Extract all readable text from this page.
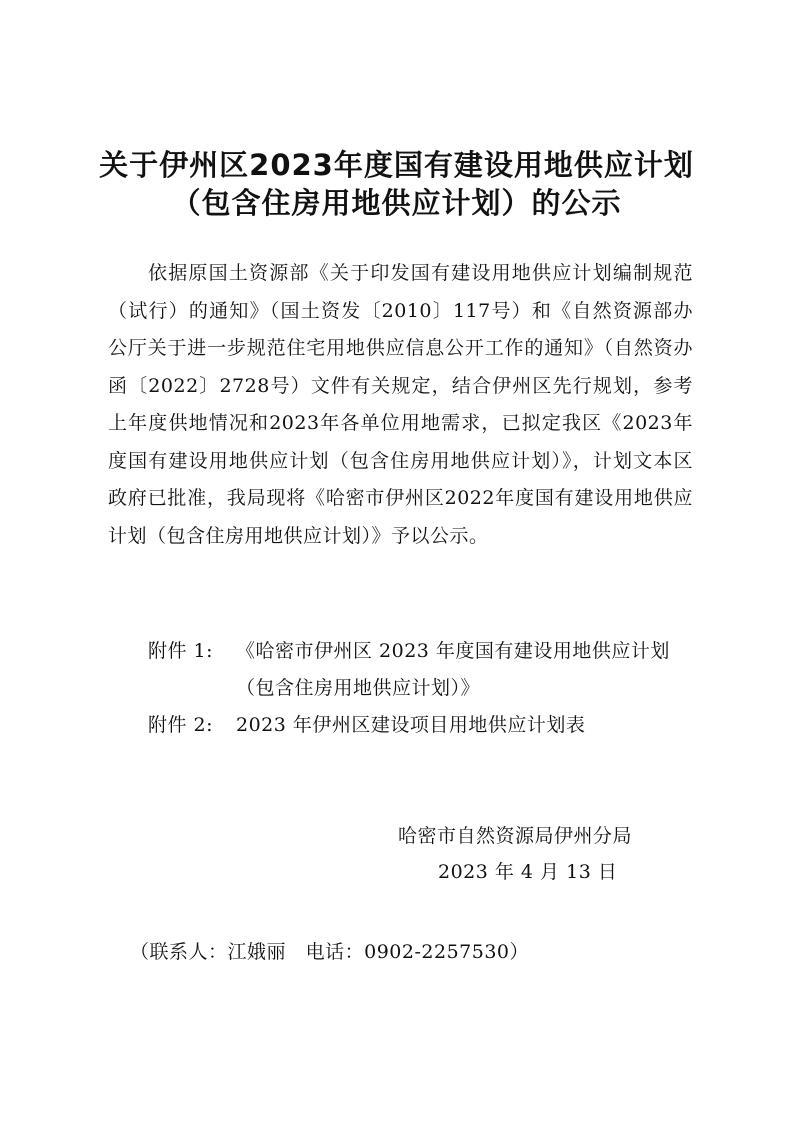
关于伊州区2023年度国有建设用地供应计划
（包含住房用地供应计划）的公示

依据原国土资源部《关于印发国有建设用地供应计划编制规范（试行）的通知》（国土资发〔2010〕117号）和《自然资源部办公厅关于进一步规范住宅用地供应信息公开工作的通知》（自然资办函〔2022〕2728号）文件有关规定，结合伊州区先行规划，参考上年度供地情况和2023年各单位用地需求，已拟定我区《2023年度国有建设用地供应计划（包含住房用地供应计划）》，计划文本区政府已批准，我局现将《哈密市伊州区2022年度国有建设用地供应计划（包含住房用地供应计划）》予以公示。

附件 1: 《哈密市伊州区 2023 年度国有建设用地供应计划
（包含住房用地供应计划）》
附件 2: 2023 年伊州区建设项目用地供应计划表
哈密市自然资源局伊州分局
2023 年 4 月 13 日
（联系人：江娥丽   电话：0902-2257530）
